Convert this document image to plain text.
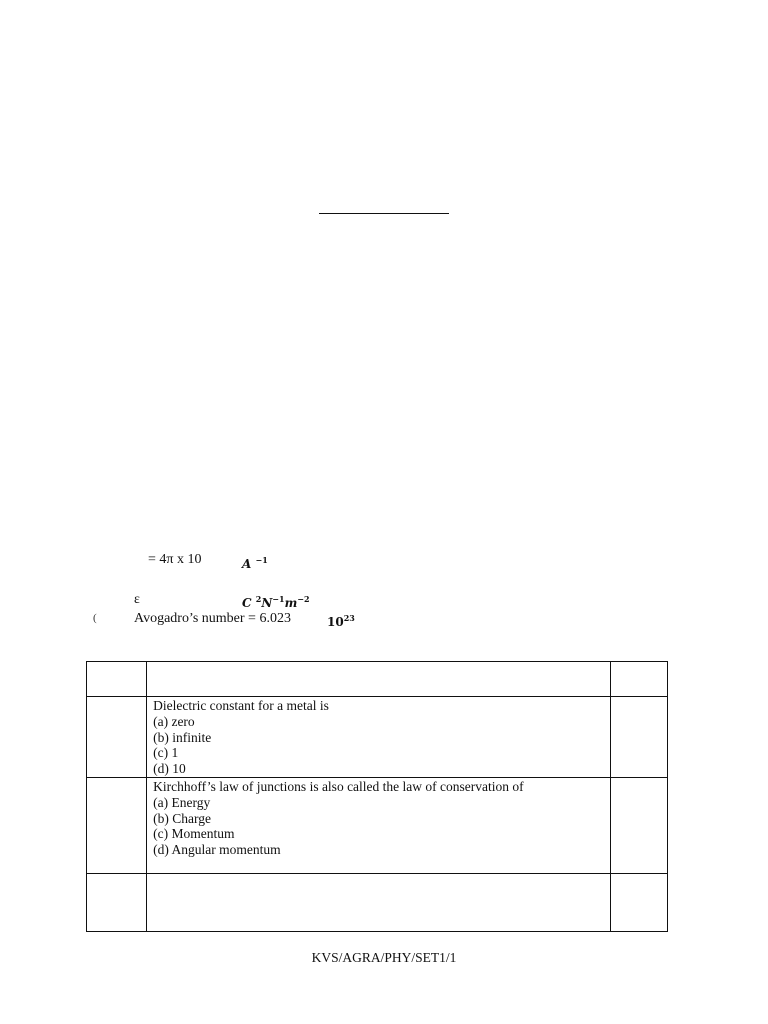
= 4π x 10	A $^{-1}$
ε	C $^2N^{-1}m^{-2}$
(	Avogadro’s number = 6.023	$10^{23}$

	Dielectric constant for a metal is
(a) zero
(b) infinite
(c) 1
(d) 10	

	Kirchhoff’s law of junctions is also called the law of conservation of
(a) Energy
(b) Charge
(c) Momentum
(d) Angular momentum	

KVS/AGRA/PHY/SET1/1
